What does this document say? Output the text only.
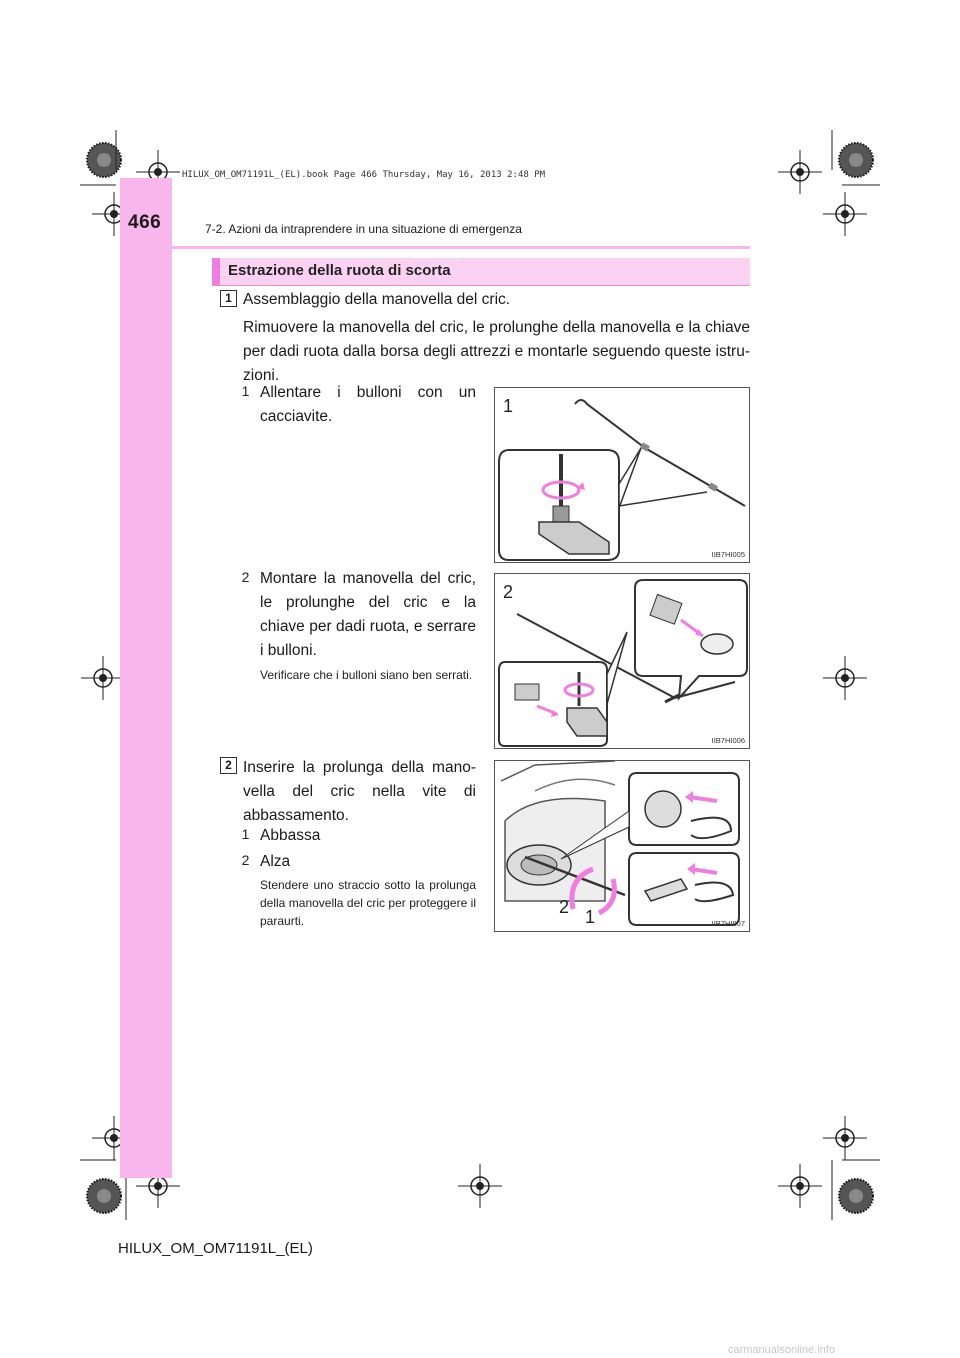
HILUX_OM_OM71191L_(EL).book Page 466 Thursday, May 16, 2013 2:48 PM
466	7-2. Azioni da intraprendere in una situazione di emergenza
Estrazione della ruota di scorta
1 Assemblaggio della manovella del cric.
Rimuovere la manovella del cric, le prolunghe della manovella e la chiave per dadi ruota dalla borsa degli attrezzi e montarle seguendo queste istruzioni.
1 Allentare i bulloni con un cacciavite.
1
IIB7HI005
2 Montare la manovella del cric, le prolunghe del cric e la chiave per dadi ruota, e serrare i bulloni.
Verificare che i bulloni siano ben serrati.
2
IIB7HI006
2 Inserire la prolunga della manovella del cric nella vite di abbassamento.
1 Abbassa
2 Alza
Stendere uno straccio sotto la prolunga della manovella del cric per proteggere il paraurti.
2 1	IIB7HI007
HILUX_OM_OM71191L_(EL)
carmanualsonline.info
